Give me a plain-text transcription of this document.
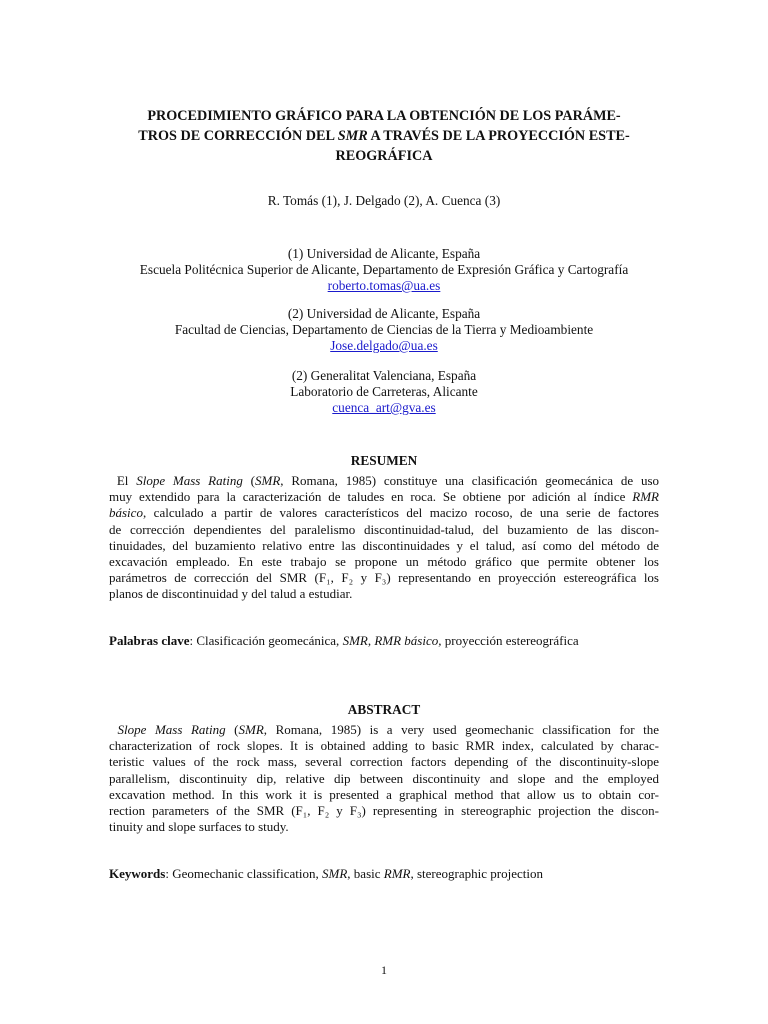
PROCEDIMIENTO GRÁFICO PARA LA OBTENCIÓN DE LOS PARÁME-
TROS DE CORRECCIÓN DEL SMR A TRAVÉS DE LA PROYECCIÓN ESTE-
REOGRÁFICA
R. Tomás (1), J. Delgado (2), A. Cuenca (3)
(1) Universidad de Alicante, España
Escuela Politécnica Superior de Alicante, Departamento de Expresión Gráfica y Cartografía
roberto.tomas@ua.es
(2) Universidad de Alicante, España
Facultad de Ciencias, Departamento de Ciencias de la Tierra y Medioambiente
Jose.delgado@ua.es
(2) Generalitat Valenciana, España
Laboratorio de Carreteras, Alicante
cuenca_art@gva.es
RESUMEN
El Slope Mass Rating (SMR, Romana, 1985) constituye una clasificación geomecánica de uso
muy extendido para la caracterización de taludes en roca. Se obtiene por adición al índice RMR
básico, calculado a partir de valores característicos del macizo rocoso, de una serie de factores
de corrección dependientes del paralelismo discontinuidad-talud, del buzamiento de las discon-
tinuidades, del buzamiento relativo entre las discontinuidades y el talud, así como del método de
excavación empleado. En este trabajo se propone un método gráfico que permite obtener los
parámetros de corrección del SMR (F₁, F₂ y F₃) representando en proyección estereográfica los
planos de discontinuidad y del talud a estudiar.
Palabras clave: Clasificación geomecánica, SMR, RMR básico, proyección estereográfica
ABSTRACT
Slope Mass Rating (SMR, Romana, 1985) is a very used geomechanic classification for the
characterization of rock slopes. It is obtained adding to basic RMR index, calculated by charac-
teristic values of the rock mass, several correction factors depending of the discontinuity-slope
parallelism, discontinuity dip, relative dip between discontinuity and slope and the employed
excavation method. In this work it is presented a graphical method that allow us to obtain cor-
rection parameters of the SMR (F₁, F₂ y F₃) representing in stereographic projection the discon-
tinuity and slope surfaces to study.
Keywords: Geomechanic classification, SMR, basic RMR, stereographic projection
1
